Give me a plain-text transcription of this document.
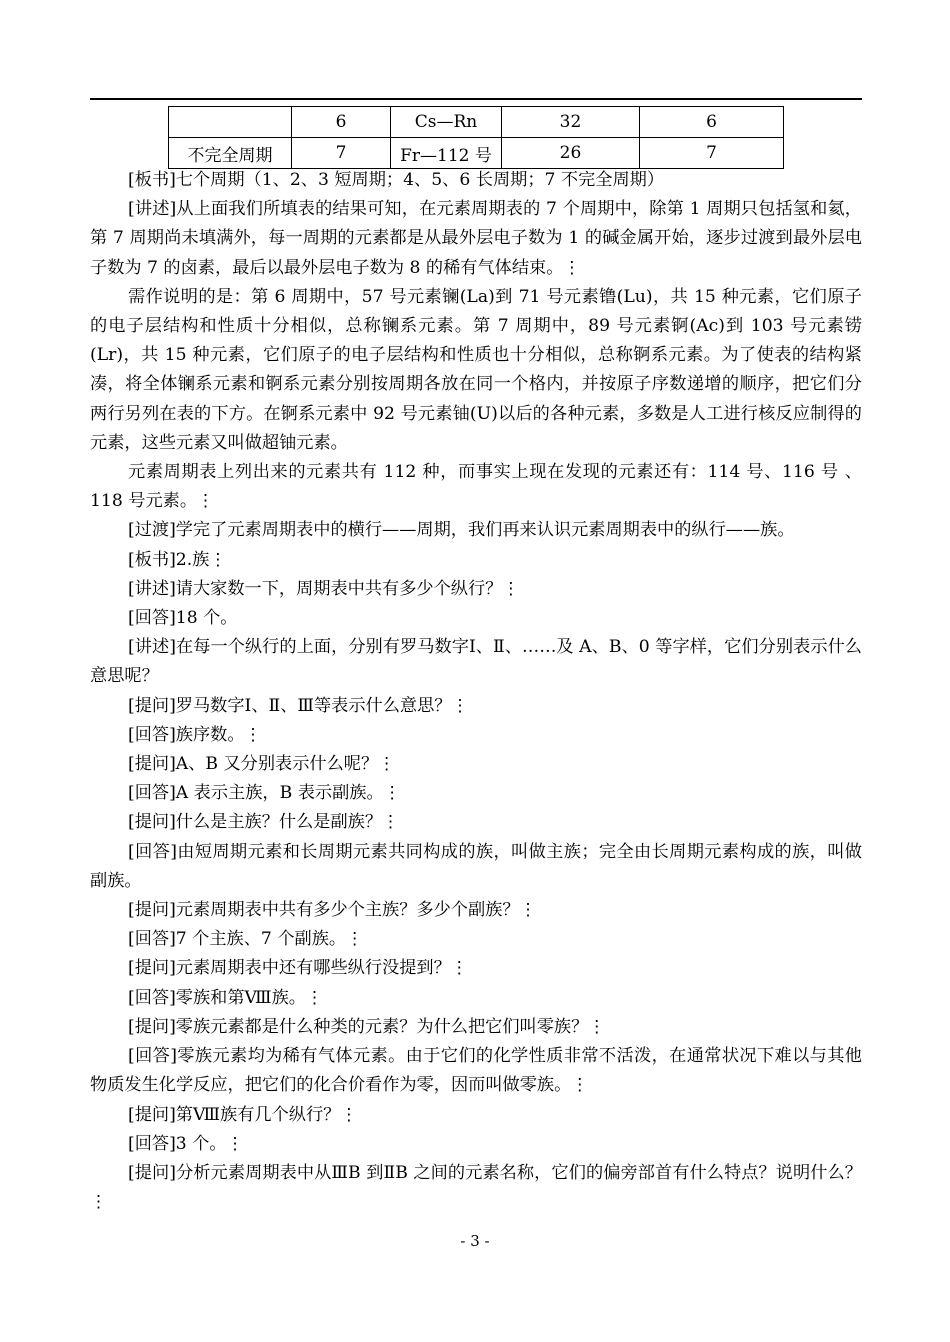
	6	Cs—Rn	32	6
不完全周期	7	Fr—112 号	26	7

[板书]七个周期（1、2、3 短周期；4、5、6 长周期；7 不完全周期）

[讲述]从上面我们所填表的结果可知，在元素周期表的 7 个周期中，除第 1 周期只包括氢和氦，第 7 周期尚未填满外，每一周期的元素都是从最外层电子数为 1 的碱金属开始，逐步过渡到最外层电子数为 7 的卤素，最后以最外层电子数为 8 的稀有气体结束。⋮

需作说明的是：第 6 周期中，57 号元素镧(La)到 71 号元素镥(Lu)，共 15 种元素，它们原子的电子层结构和性质十分相似，总称镧系元素。第 7 周期中，89 号元素锕(Ac)到 103 号元素铹(Lr)，共 15 种元素，它们原子的电子层结构和性质也十分相似，总称锕系元素。为了使表的结构紧凑，将全体镧系元素和锕系元素分别按周期各放在同一个格内，并按原子序数递增的顺序，把它们分两行另列在表的下方。在锕系元素中 92 号元素铀(U)以后的各种元素，多数是人工进行核反应制得的元素，这些元素又叫做超铀元素。

元素周期表上列出来的元素共有 112 种，而事实上现在发现的元素还有：114 号、116 号 、118 号元素。⋮

[过渡]学完了元素周期表中的横行——周期，我们再来认识元素周期表中的纵行——族。

[板书]2.族⋮

[讲述]请大家数一下，周期表中共有多少个纵行？⋮

[回答]18 个。

[讲述]在每一个纵行的上面，分别有罗马数字Ⅰ、Ⅱ、……及 A、B、0 等字样，它们分别表示什么意思呢？

[提问]罗马数字Ⅰ、Ⅱ、Ⅲ等表示什么意思？⋮

[回答]族序数。⋮

[提问]A、B 又分别表示什么呢？⋮

[回答]A 表示主族，B 表示副族。⋮

[提问]什么是主族？什么是副族？⋮

[回答]由短周期元素和长周期元素共同构成的族，叫做主族；完全由长周期元素构成的族，叫做副族。

[提问]元素周期表中共有多少个主族？多少个副族？⋮

[回答]7 个主族、7 个副族。⋮

[提问]元素周期表中还有哪些纵行没提到？⋮

[回答]零族和第Ⅷ族。⋮

[提问]零族元素都是什么种类的元素？为什么把它们叫零族？⋮

[回答]零族元素均为稀有气体元素。由于它们的化学性质非常不活泼，在通常状况下难以与其他物质发生化学反应，把它们的化合价看作为零，因而叫做零族。⋮

[提问]第Ⅷ族有几个纵行？⋮

[回答]3 个。⋮

[提问]分析元素周期表中从ⅢB 到ⅡB 之间的元素名称，它们的偏旁部首有什么特点？说明什么？⋮

- 3 -
